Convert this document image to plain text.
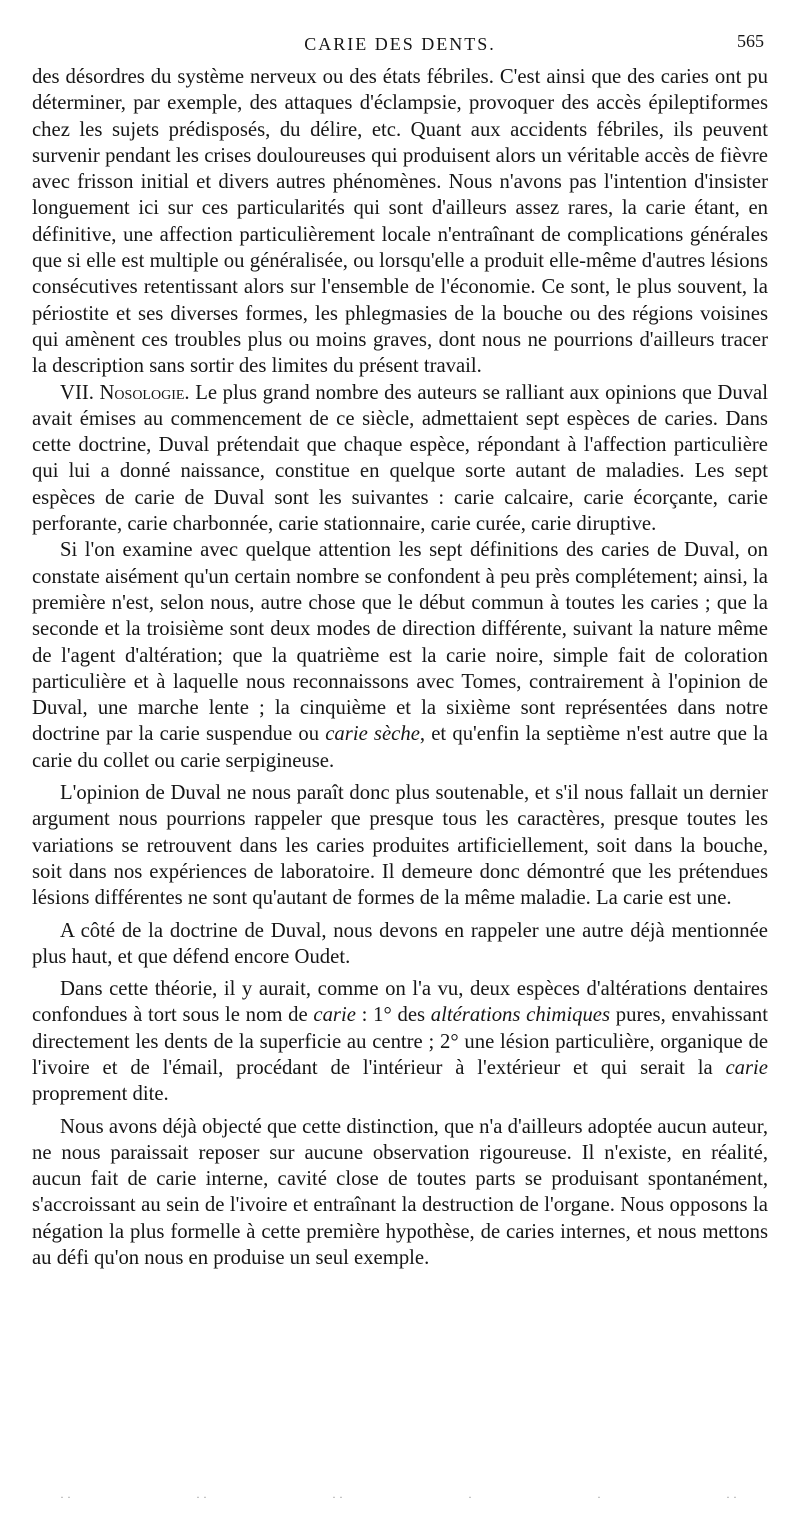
CARIE DES DENTS.	565

des désordres du système nerveux ou des états fébriles. C'est ainsi que des caries ont pu déterminer, par exemple, des attaques d'éclampsie, provoquer des accès épileptiformes chez les sujets prédisposés, du délire, etc. Quant aux accidents fébriles, ils peuvent survenir pendant les crises douloureuses qui produisent alors un véritable accès de fièvre avec frisson initial et divers autres phénomènes. Nous n'avons pas l'intention d'insister longuement ici sur ces particularités qui sont d'ailleurs assez rares, la carie étant, en définitive, une affection particulièrement locale n'entraînant de complications générales que si elle est multiple ou généralisée, ou lorsqu'elle a produit elle-même d'autres lésions consécutives retentissant alors sur l'ensemble de l'économie. Ce sont, le plus souvent, la périostite et ses diverses formes, les phlegmasies de la bouche ou des régions voisines qui amènent ces troubles plus ou moins graves, dont nous ne pourrions d'ailleurs tracer la description sans sortir des limites du présent travail.

VII. Nosologie. Le plus grand nombre des auteurs se ralliant aux opinions que Duval avait émises au commencement de ce siècle, admettaient sept espèces de caries. Dans cette doctrine, Duval prétendait que chaque espèce, répondant à l'affection particulière qui lui a donné naissance, constitue en quelque sorte autant de maladies. Les sept espèces de carie de Duval sont les suivantes : carie calcaire, carie écorçante, carie perforante, carie charbonnée, carie stationnaire, carie curée, carie diruptive.

Si l'on examine avec quelque attention les sept définitions des caries de Duval, on constate aisément qu'un certain nombre se confondent à peu près complétement; ainsi, la première n'est, selon nous, autre chose que le début commun à toutes les caries ; que la seconde et la troisième sont deux modes de direction différente, suivant la nature même de l'agent d'altération; que la quatrième est la carie noire, simple fait de coloration particulière et à laquelle nous reconnaissons avec Tomes, contrairement à l'opinion de Duval, une marche lente ; la cinquième et la sixième sont représentées dans notre doctrine par la carie suspendue ou carie sèche, et qu'enfin la septième n'est autre que la carie du collet ou carie serpigineuse.

L'opinion de Duval ne nous paraît donc plus soutenable, et s'il nous fallait un dernier argument nous pourrions rappeler que presque tous les caractères, presque toutes les variations se retrouvent dans les caries produites artificiellement, soit dans la bouche, soit dans nos expériences de laboratoire. Il demeure donc démontré que les prétendues lésions différentes ne sont qu'autant de formes de la même maladie. La carie est une.

A côté de la doctrine de Duval, nous devons en rappeler une autre déjà mentionnée plus haut, et que défend encore Oudet.

Dans cette théorie, il y aurait, comme on l'a vu, deux espèces d'altérations dentaires confondues à tort sous le nom de carie : 1° des altérations chimiques pures, envahissant directement les dents de la superficie au centre ; 2° une lésion particulière, organique de l'ivoire et de l'émail, procédant de l'intérieur à l'extérieur et qui serait la carie proprement dite.

Nous avons déjà objecté que cette distinction, que n'a d'ailleurs adoptée aucun auteur, ne nous paraissait reposer sur aucune observation rigoureuse. Il n'existe, en réalité, aucun fait de carie interne, cavité close de toutes parts se produisant spontanément, s'accroissant au sein de l'ivoire et entraînant la destruction de l'organe. Nous opposons la négation la plus formelle à cette première hypothèse, de caries internes, et nous mettons au défi qu'on nous en produise un seul exemple.

··	··	··	·	·	··
